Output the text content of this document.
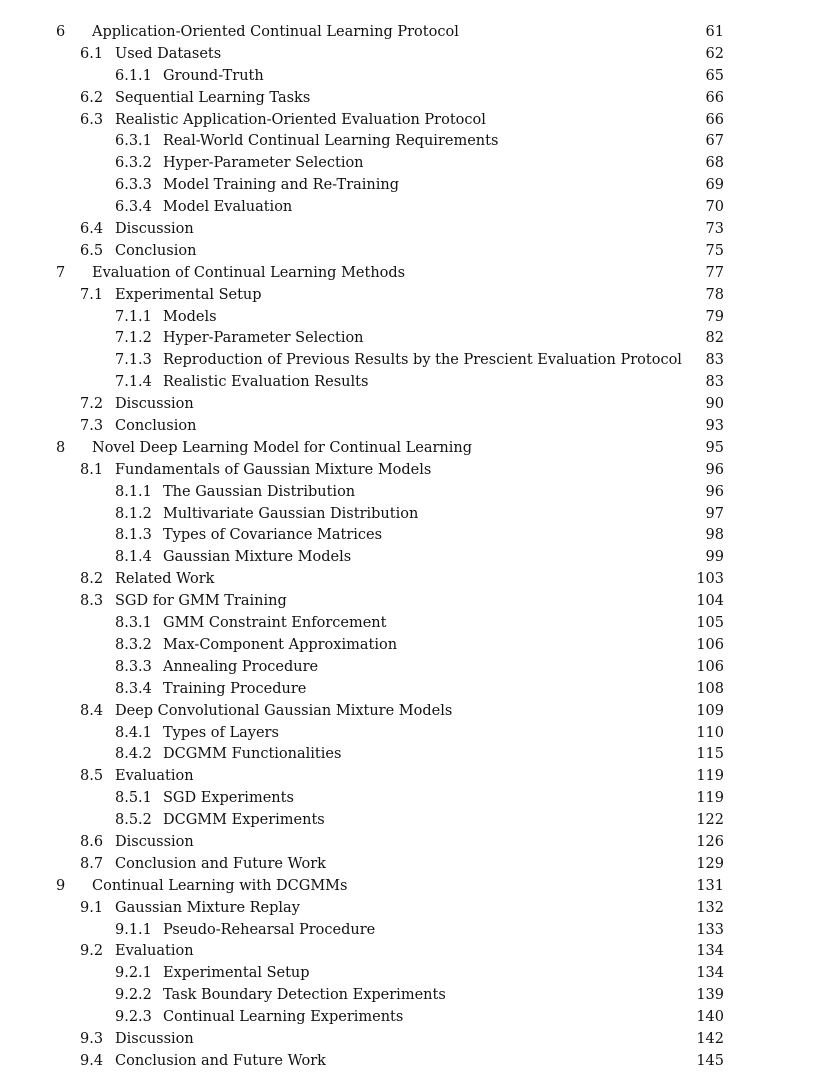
6 Application-Oriented Continual Learning Protocol	61
6.1 Used Datasets	62
6.1.1 Ground-Truth	65
6.2 Sequential Learning Tasks	66
6.3 Realistic Application-Oriented Evaluation Protocol	66
6.3.1 Real-World Continual Learning Requirements	67
6.3.2 Hyper-Parameter Selection	68
6.3.3 Model Training and Re-Training	69
6.3.4 Model Evaluation	70
6.4 Discussion	73
6.5 Conclusion	75
7 Evaluation of Continual Learning Methods	77
7.1 Experimental Setup	78
7.1.1 Models	79
7.1.2 Hyper-Parameter Selection	82
7.1.3 Reproduction of Previous Results by the Prescient Evaluation Protocol	83
7.1.4 Realistic Evaluation Results	83
7.2 Discussion	90
7.3 Conclusion	93
8 Novel Deep Learning Model for Continual Learning	95
8.1 Fundamentals of Gaussian Mixture Models	96
8.1.1 The Gaussian Distribution	96
8.1.2 Multivariate Gaussian Distribution	97
8.1.3 Types of Covariance Matrices	98
8.1.4 Gaussian Mixture Models	99
8.2 Related Work	103
8.3 SGD for GMM Training	104
8.3.1 GMM Constraint Enforcement	105
8.3.2 Max-Component Approximation	106
8.3.3 Annealing Procedure	106
8.3.4 Training Procedure	108
8.4 Deep Convolutional Gaussian Mixture Models	109
8.4.1 Types of Layers	110
8.4.2 DCGMM Functionalities	115
8.5 Evaluation	119
8.5.1 SGD Experiments	119
8.5.2 DCGMM Experiments	122
8.6 Discussion	126
8.7 Conclusion and Future Work	129
9 Continual Learning with DCGMMs	131
9.1 Gaussian Mixture Replay	132
9.1.1 Pseudo-Rehearsal Procedure	133
9.2 Evaluation	134
9.2.1 Experimental Setup	134
9.2.2 Task Boundary Detection Experiments	139
9.2.3 Continual Learning Experiments	140
9.3 Discussion	142
9.4 Conclusion and Future Work	145
